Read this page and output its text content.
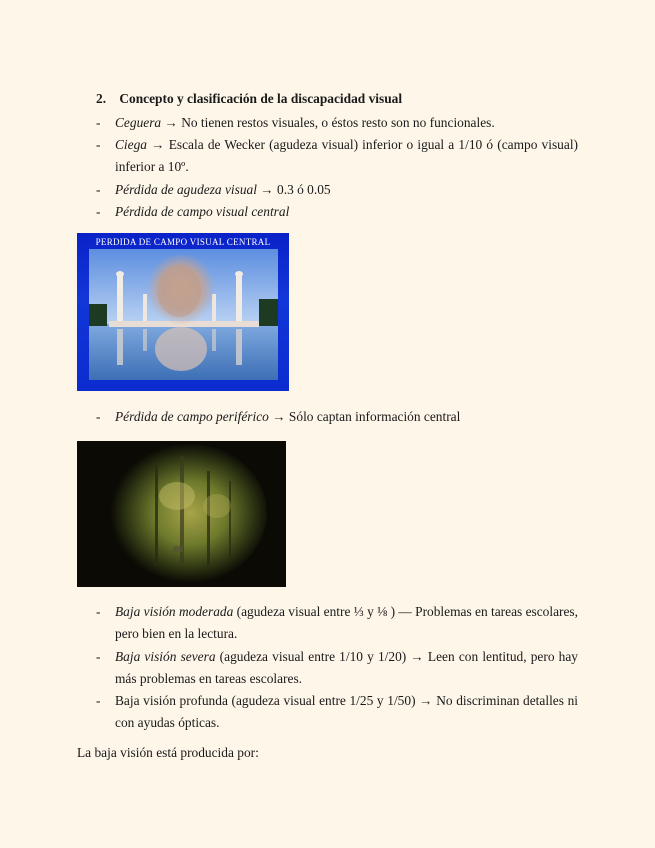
2. Concepto y clasificación de la discapacidad visual
- Ceguera → No tienen restos visuales, o éstos resto son no funcionales.
- Ciega → Escala de Wecker (agudeza visual) inferior o igual a 1/10 ó (campo visual) inferior a 10º.
- Pérdida de agudeza visual → 0.3 ó 0.05
- Pérdida de campo visual central
PERDIDA DE CAMPO VISUAL CENTRAL
- Pérdida de campo periférico → Sólo captan información central
- Baja visión moderada (agudeza visual entre ⅓ y ⅛ ) — Problemas en tareas escolares, pero bien en la lectura.
- Baja visión severa (agudeza visual entre 1/10 y 1/20) → Leen con lentitud, pero hay más problemas en tareas escolares.
- Baja visión profunda (agudeza visual entre 1/25 y 1/50) → No discriminan detalles ni con ayudas ópticas.
La baja visión está producida por:
